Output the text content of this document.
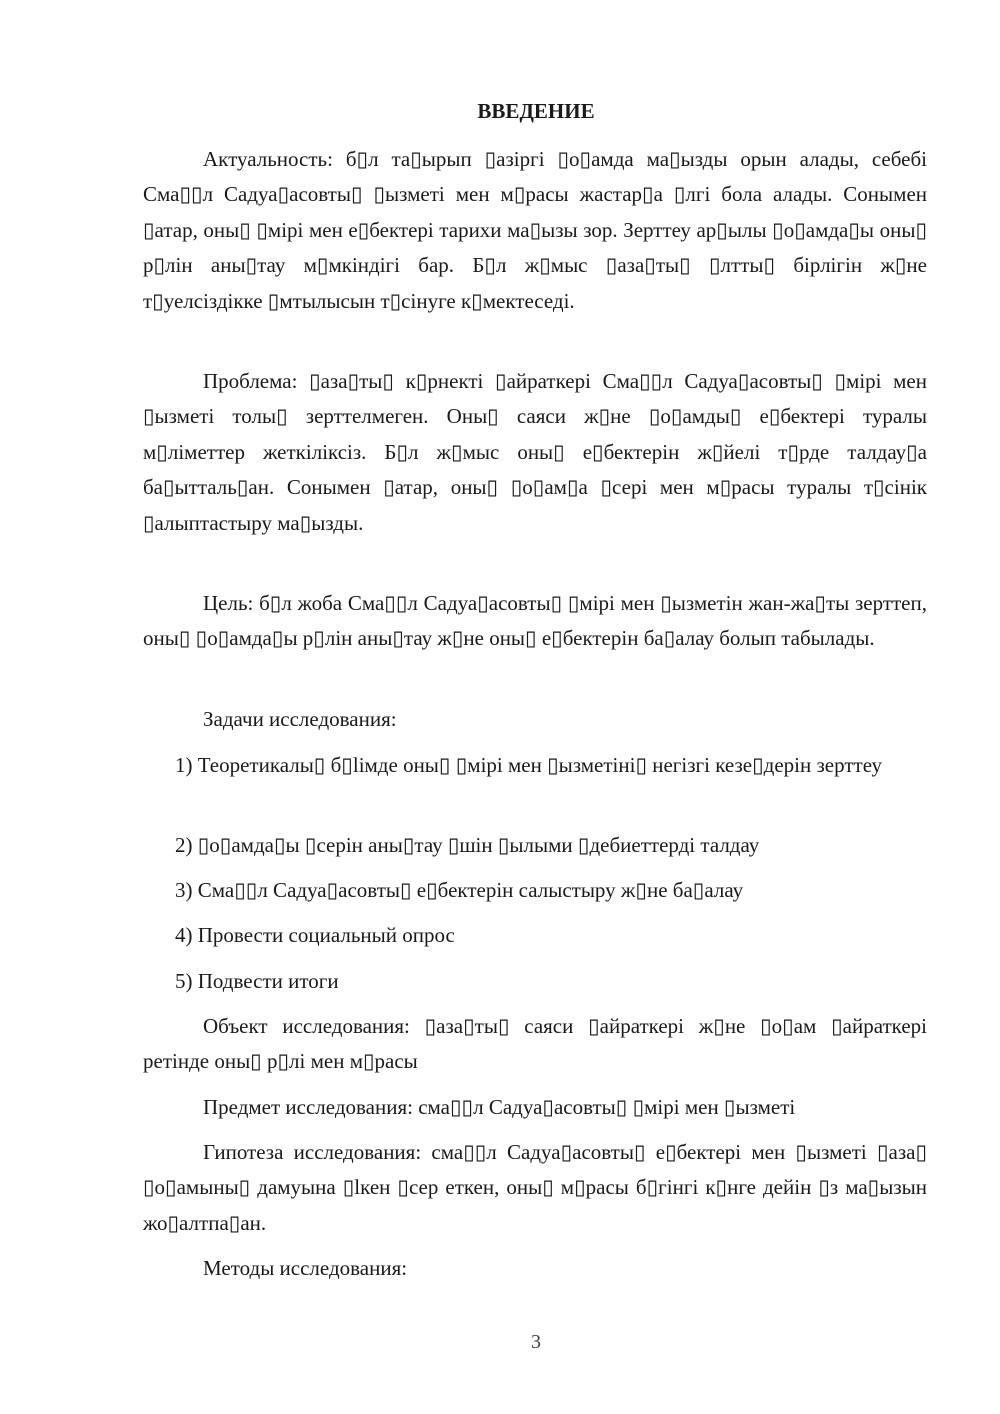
ВВЕДЕНИЕ

Актуальность: б▯л та▯ырып ▯азіргі ▯о▯амда ма▯ызды орын алады, себебі Сма▯▯л Садуа▯асовты▯ ▯ызметі мен м▯расы жастар▯а ▯лгі бола алады. Сонымен ▯атар, оны▯ ▯мірі мен е▯бектері тарихи ма▯ызы зор. Зерттеу ар▯ылы ▯о▯амда▯ы оны▯ р▯лін аны▯тау м▯мкіндігі бар. Б▯л ж▯мыс ▯аза▯ты▯ ▯лтты▯ бірлігін ж▯не т▯уелсіздікке ▯мтылысын т▯сінуге к▯мектеседі.

Проблема: ▯аза▯ты▯ к▯рнекті ▯айраткері Сма▯▯л Садуа▯асовты▯ ▯мірі мен ▯ызметі толы▯ зерттелмеген. Оны▯ саяси ж▯не ▯о▯амды▯ е▯бектері туралы м▯ліметтер жеткіліксіз. Б▯л ж▯мыс оны▯ е▯бектерін ж▯йелі т▯рде талдау▯а ба▯ытталь▯ан. Сонымен ▯атар, оны▯ ▯о▯ам▯а ▯сері мен м▯расы туралы т▯сінік ▯алыптастыру ма▯ызды.

Цель: б▯л жоба Сма▯▯л Садуа▯асовты▯ ▯мірі мен ▯ызметін жан-жа▯ты зерттеп, оны▯ ▯о▯амда▯ы р▯лін аны▯тау ж▯не оны▯ е▯бектерін ба▯алау болып табылады.

Задачи исследования:

1) Теоретикалы▯ б▯lімде оны▯ ▯мірі мен ▯ызметіні▯ негізгі кезе▯дерін зерттеу

2) ▯о▯амда▯ы ▯серін аны▯тау ▯шін ▯ылыми ▯дебиеттерді талдау

3) Сма▯▯л Садуа▯асовты▯ е▯бектерін салыстыру ж▯не ба▯алау

4) Провести социальный опрос

5) Подвести итоги

Объект исследования: ▯аза▯ты▯ саяси ▯айраткері ж▯не ▯о▯ам ▯айраткері ретінде оны▯ р▯лі мен м▯расы

Предмет исследования: сма▯▯л Садуа▯асовты▯ ▯мірі мен ▯ызметі

Гипотеза исследования: сма▯▯л Садуа▯асовты▯ е▯бектері мен ▯ызметі ▯аза▯ ▯о▯амыны▯ дамуына ▯lкен ▯сер еткен, оны▯ м▯расы б▯гінгі к▯нге дейін ▯з ма▯ызын жо▯алтпа▯ан.

Методы исследования:

3
